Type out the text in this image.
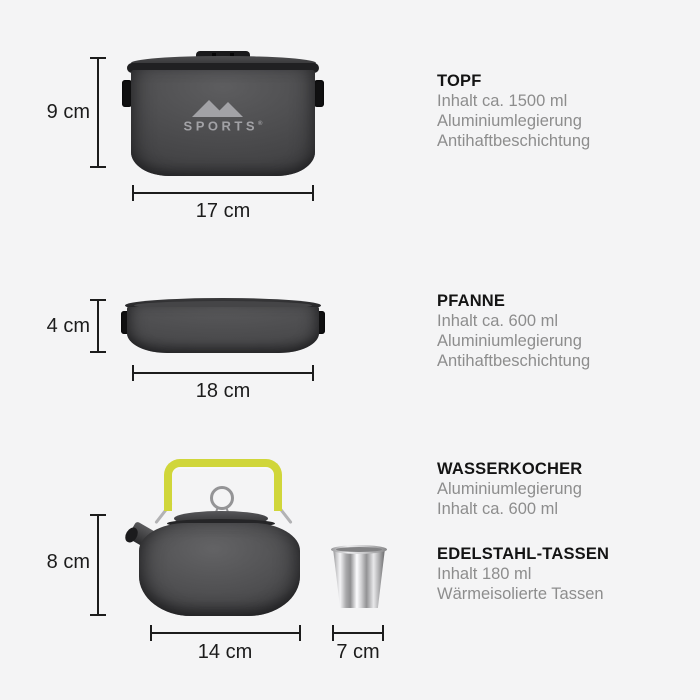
SPORTS®
9 cm
17 cm
TOPF

Inhalt ca. 1500 ml

Aluminiumlegierung

Antihaftbeschichtung

4 cm
18 cm
PFANNE

Inhalt ca. 600 ml

Aluminiumlegierung

Antihaftbeschichtung

8 cm
14 cm	7 cm
WASSERKOCHER

Aluminiumlegierung

Inhalt ca. 600 ml

EDELSTAHL-TASSEN

Inhalt 180 ml

Wärmeisolierte Tassen
